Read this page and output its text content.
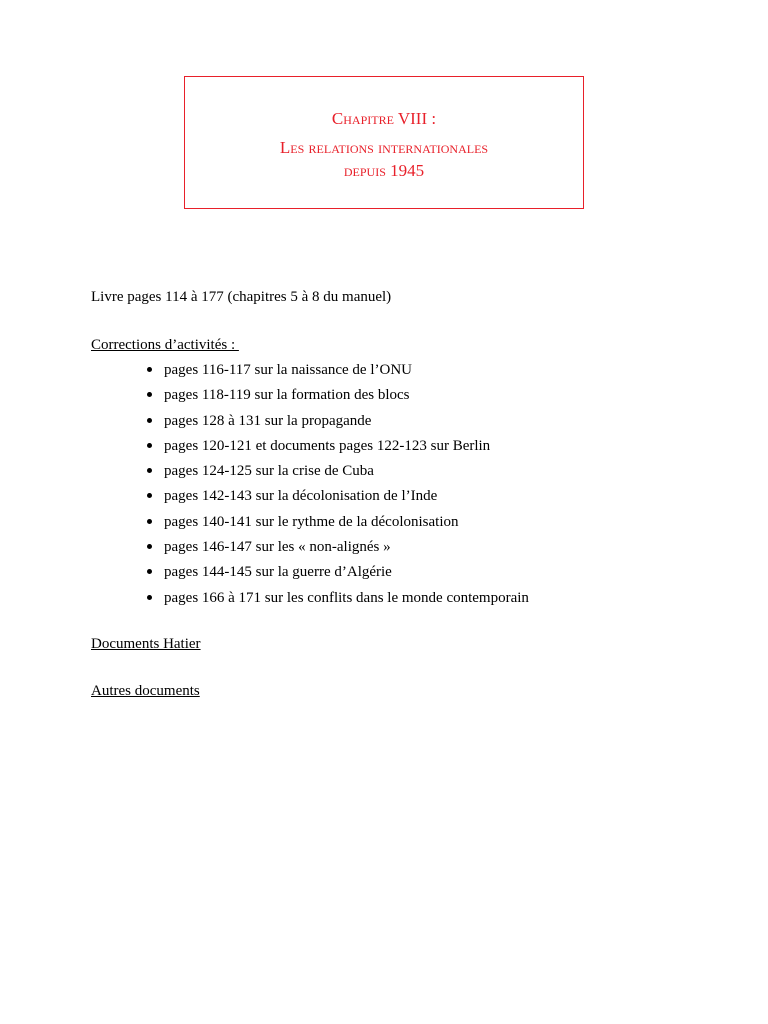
Chapitre VIII :
Les relations internationales
depuis 1945
Livre pages 114 à 177 (chapitres 5 à 8 du manuel)
Corrections d’activités :
pages 116-117 sur la naissance de l’ONU
pages 118-119 sur la formation des blocs
pages 128 à 131 sur la propagande
pages 120-121 et documents pages 122-123 sur Berlin
pages 124-125 sur la crise de Cuba
pages 142-143 sur la décolonisation de l’Inde
pages 140-141 sur le rythme de la décolonisation
pages 146-147 sur les « non-alignés »
pages 144-145 sur la guerre d’Algérie
pages 166 à 171 sur les conflits dans le monde contemporain
Documents Hatier
Autres documents
